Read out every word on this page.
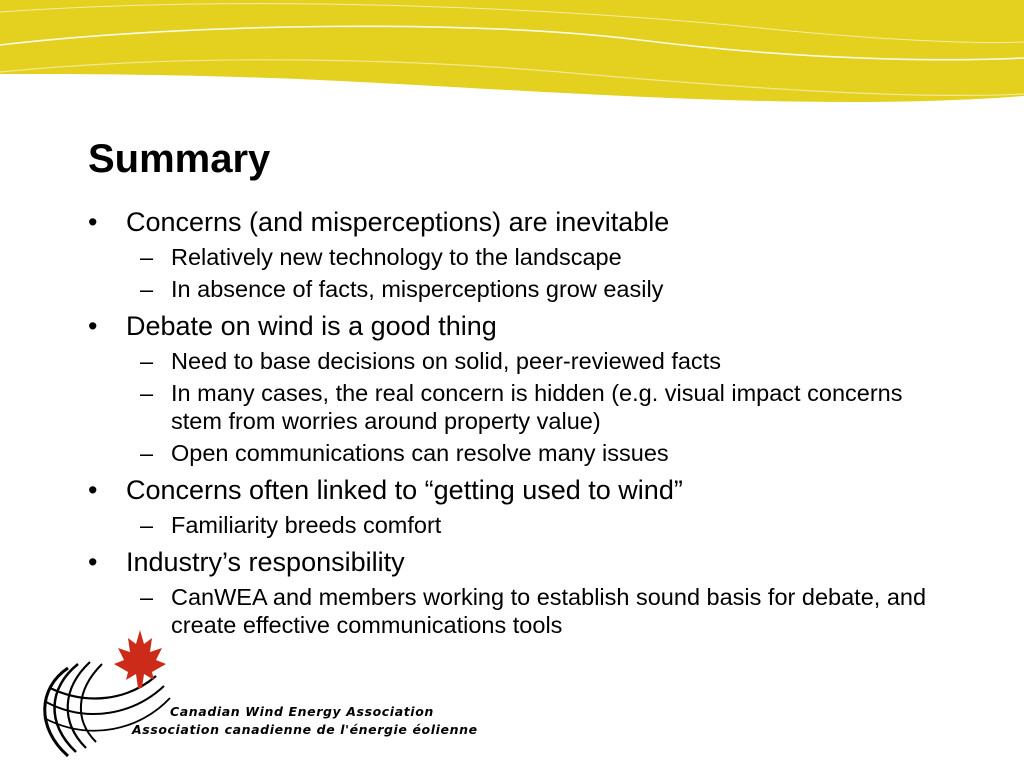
Summary

•	Concerns (and misperceptions) are inevitable

– Relatively new technology to the landscape

– In absence of facts, misperceptions grow easily

•	Debate on wind is a good thing

– Need to base decisions on solid, peer-reviewed facts

– In many cases, the real concern is hidden (e.g. visual impact concerns stem from worries around property value)

– Open communications can resolve many issues

•	Concerns often linked to “getting used to wind”

– Familiarity breeds comfort

•	Industry’s responsibility

– CanWEA and members working to establish sound basis for debate, and create effective communications tools

Canadian Wind Energy Association
Association canadienne de l'énergie éolienne
